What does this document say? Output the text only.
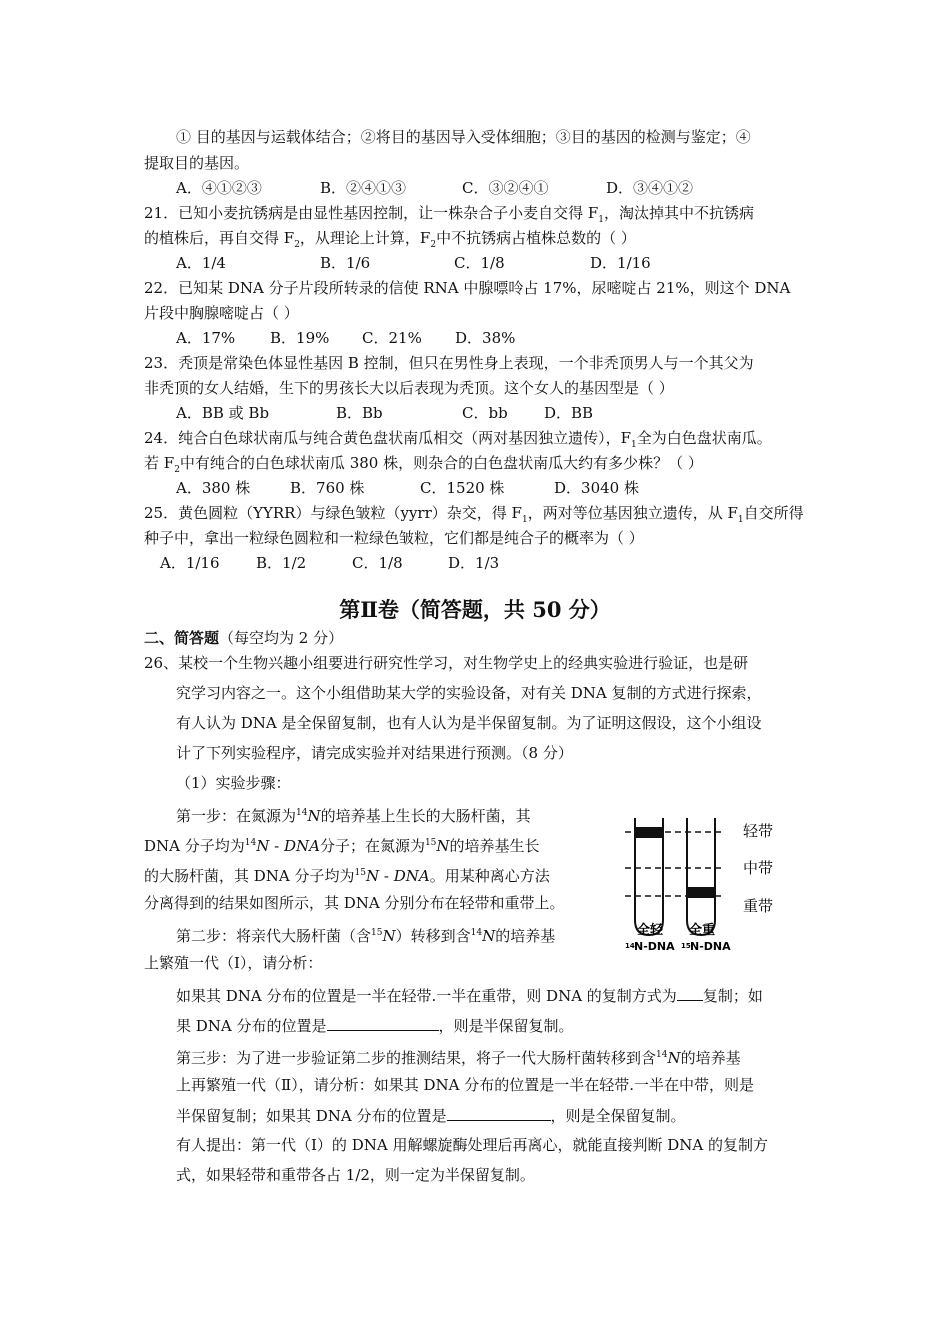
① 目的基因与运载体结合；②将目的基因导入受体细胞；③目的基因的检测与鉴定；④
提取目的基因。
A．④①②③	B．②④①③	C．③②④①	D．③④①②
21．已知小麦抗锈病是由显性基因控制，让一株杂合子小麦自交得 $F_1$，淘汰掉其中不抗锈病
的植株后，再自交得 $F_2$，从理论上计算，$F_2$中不抗锈病占植株总数的（ ）
A．1/4	B．1/6	C．1/8	D．1/16
22．已知某 DNA 分子片段所转录的信使 RNA 中腺嘌呤占 17%，尿嘧啶占 21%，则这个 DNA
片段中胸腺嘧啶占（ ）
A．17% B．19% C．21% D．38%
23．秃顶是常染色体显性基因 B 控制，但只在男性身上表现，一个非秃顶男人与一个其父为
非秃顶的女人结婚，生下的男孩长大以后表现为秃顶。这个女人的基因型是（ ）
A．BB 或 Bb	B．Bb	C．bb D．BB
24．纯合白色球状南瓜与纯合黄色盘状南瓜相交（两对基因独立遗传），$F_1$全为白色盘状南瓜。
若 $F_2$中有纯合的白色球状南瓜 380 株，则杂合的白色盘状南瓜大约有多少株？（ ）
A．380 株	B．760 株	C．1520 株	D．3040 株
25．黄色圆粒（YYRR）与绿色皱粒（yyrr）杂交，得 $F_1$，两对等位基因独立遗传，从 $F_1$自交所得
种子中，拿出一粒绿色圆粒和一粒绿色皱粒，它们都是纯合子的概率为（ ）
A．1/16 B．1/2	C．1/8	D．1/3
第Ⅱ卷（简答题，共 50 分）
二、简答题（每空均为 2 分）
26、某校一个生物兴趣小组要进行研究性学习，对生物学史上的经典实验进行验证，也是研
究学习内容之一。这个小组借助某大学的实验设备，对有关 DNA 复制的方式进行探索，
有人认为 DNA 是全保留复制，也有人认为是半保留复制。为了证明这假设，这个小组设
计了下列实验程序，请完成实验并对结果进行预测。（8 分）
（1）实验步骤：
第一步：在氮源为$^{14}$N的培养基上生长的大肠杆菌，其
DNA 分子均为$^{14}$N - DNA分子；在氮源为$^{15}$N的培养基生长
的大肠杆菌，其 DNA 分子均为$^{15}$N - DNA。用某种离心方法
分离得到的结果如图所示，其 DNA 分别分布在轻带和重带上。
第二步：将亲代大肠杆菌（含$^{15}$N）转移到含$^{14}$N的培养基
上繁殖一代（Ⅰ），请分析：
如果其 DNA 分布的位置是一半在轻带.一半在重带，则 DNA 的复制方式为 复制；如
果 DNA 分布的位置是	，则是半保留复制。
第三步：为了进一步验证第二步的推测结果，将子一代大肠杆菌转移到含$^{14}$N的培养基
上再繁殖一代（Ⅱ），请分析：如果其 DNA 分布的位置是一半在轻带.一半在中带，则是
半保留复制；如果其 DNA 分布的位置是	，则是全保留复制。
有人提出：第一代（Ⅰ）的 DNA 用解螺旋酶处理后再离心，就能直接判断 DNA 的复制方
式，如果轻带和重带各占 1/2，则一定为半保留复制。
轻带
中带
重带
全轻 全重
14 N-DNA 15 N-DNA
